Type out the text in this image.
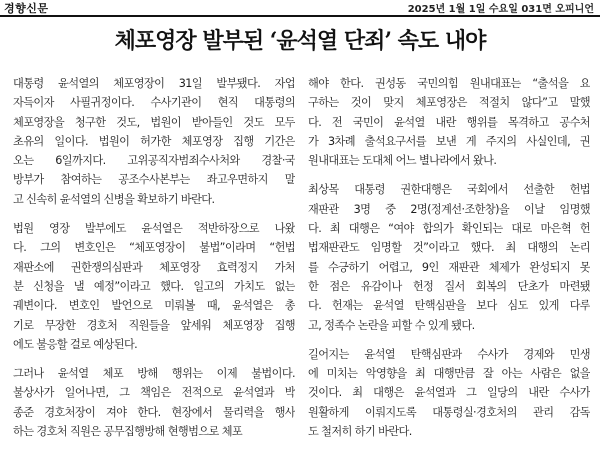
경향신문	2025년 1월 1일 수요일 031면 오피니언
체포영장 발부된 ‘윤석열 단죄’ 속도 내야
대통령 윤석열의 체포영장이 31일 발부됐다. 자업
자득이자 사필귀정이다. 수사기관이 현직 대통령의
체포영장을 청구한 것도, 법원이 받아들인 것도 모두
초유의 일이다. 법원이 허가한 체포영장 집행 기간은
오는 6일까지다. 고위공직자범죄수사처와 경찰·국
방부가 참여하는 공조수사본부는 좌고우면하지 말
고 신속히 윤석열의 신병을 확보하기 바란다.
법원 영장 발부에도 윤석열은 적반하장으로 나왔
다. 그의 변호인은 “체포영장이 불법”이라며 “헌법
재판소에 권한쟁의심판과 체포영장 효력정지 가처
분 신청을 낼 예정”이라고 했다. 일고의 가치도 없는
궤변이다. 변호인 발언으로 미뤄볼 때, 윤석열은 총
기로 무장한 경호처 직원들을 앞세워 체포영장 집행
에도 불응할 걸로 예상된다.
그러나 윤석열 체포 방해 행위는 이제 불법이다.
불상사가 일어나면, 그 책임은 전적으로 윤석열과 박
종준 경호처장이 져야 한다. 현장에서 물리력을 행사
하는 경호처 직원은 공무집행방해 현행범으로 체포
해야 한다. 권성동 국민의힘 원내대표는 “출석을 요
구하는 것이 맞지 체포영장은 적절치 않다”고 말했
다. 전 국민이 윤석열 내란 행위를 목격하고 공수처
가 3차례 출석요구서를 보낸 게 주지의 사실인데, 권
원내대표는 도대체 어느 별나라에서 왔나.
최상목 대통령 권한대행은 국회에서 선출한 헌법
재판관 3명 중 2명(정계선·조한창)을 이날 임명했
다. 최 대행은 “여야 합의가 확인되는 대로 마은혁 헌
법재판관도 임명할 것”이라고 했다. 최 대행의 논리
를 수긍하기 어렵고, 9인 재판관 체제가 완성되지 못
한 점은 유감이나 헌정 질서 회복의 단초가 마련됐
다. 헌재는 윤석열 탄핵심판을 보다 심도 있게 다루
고, 정족수 논란을 피할 수 있게 됐다.
길어지는 윤석열 탄핵심판과 수사가 경제와 민생
에 미치는 악영향을 최 대행만큼 잘 아는 사람은 없을
것이다. 최 대행은 윤석열과 그 일당의 내란 수사가
원활하게 이뤄지도록 대통령실·경호처의 관리 감독
도 철저히 하기 바란다.
